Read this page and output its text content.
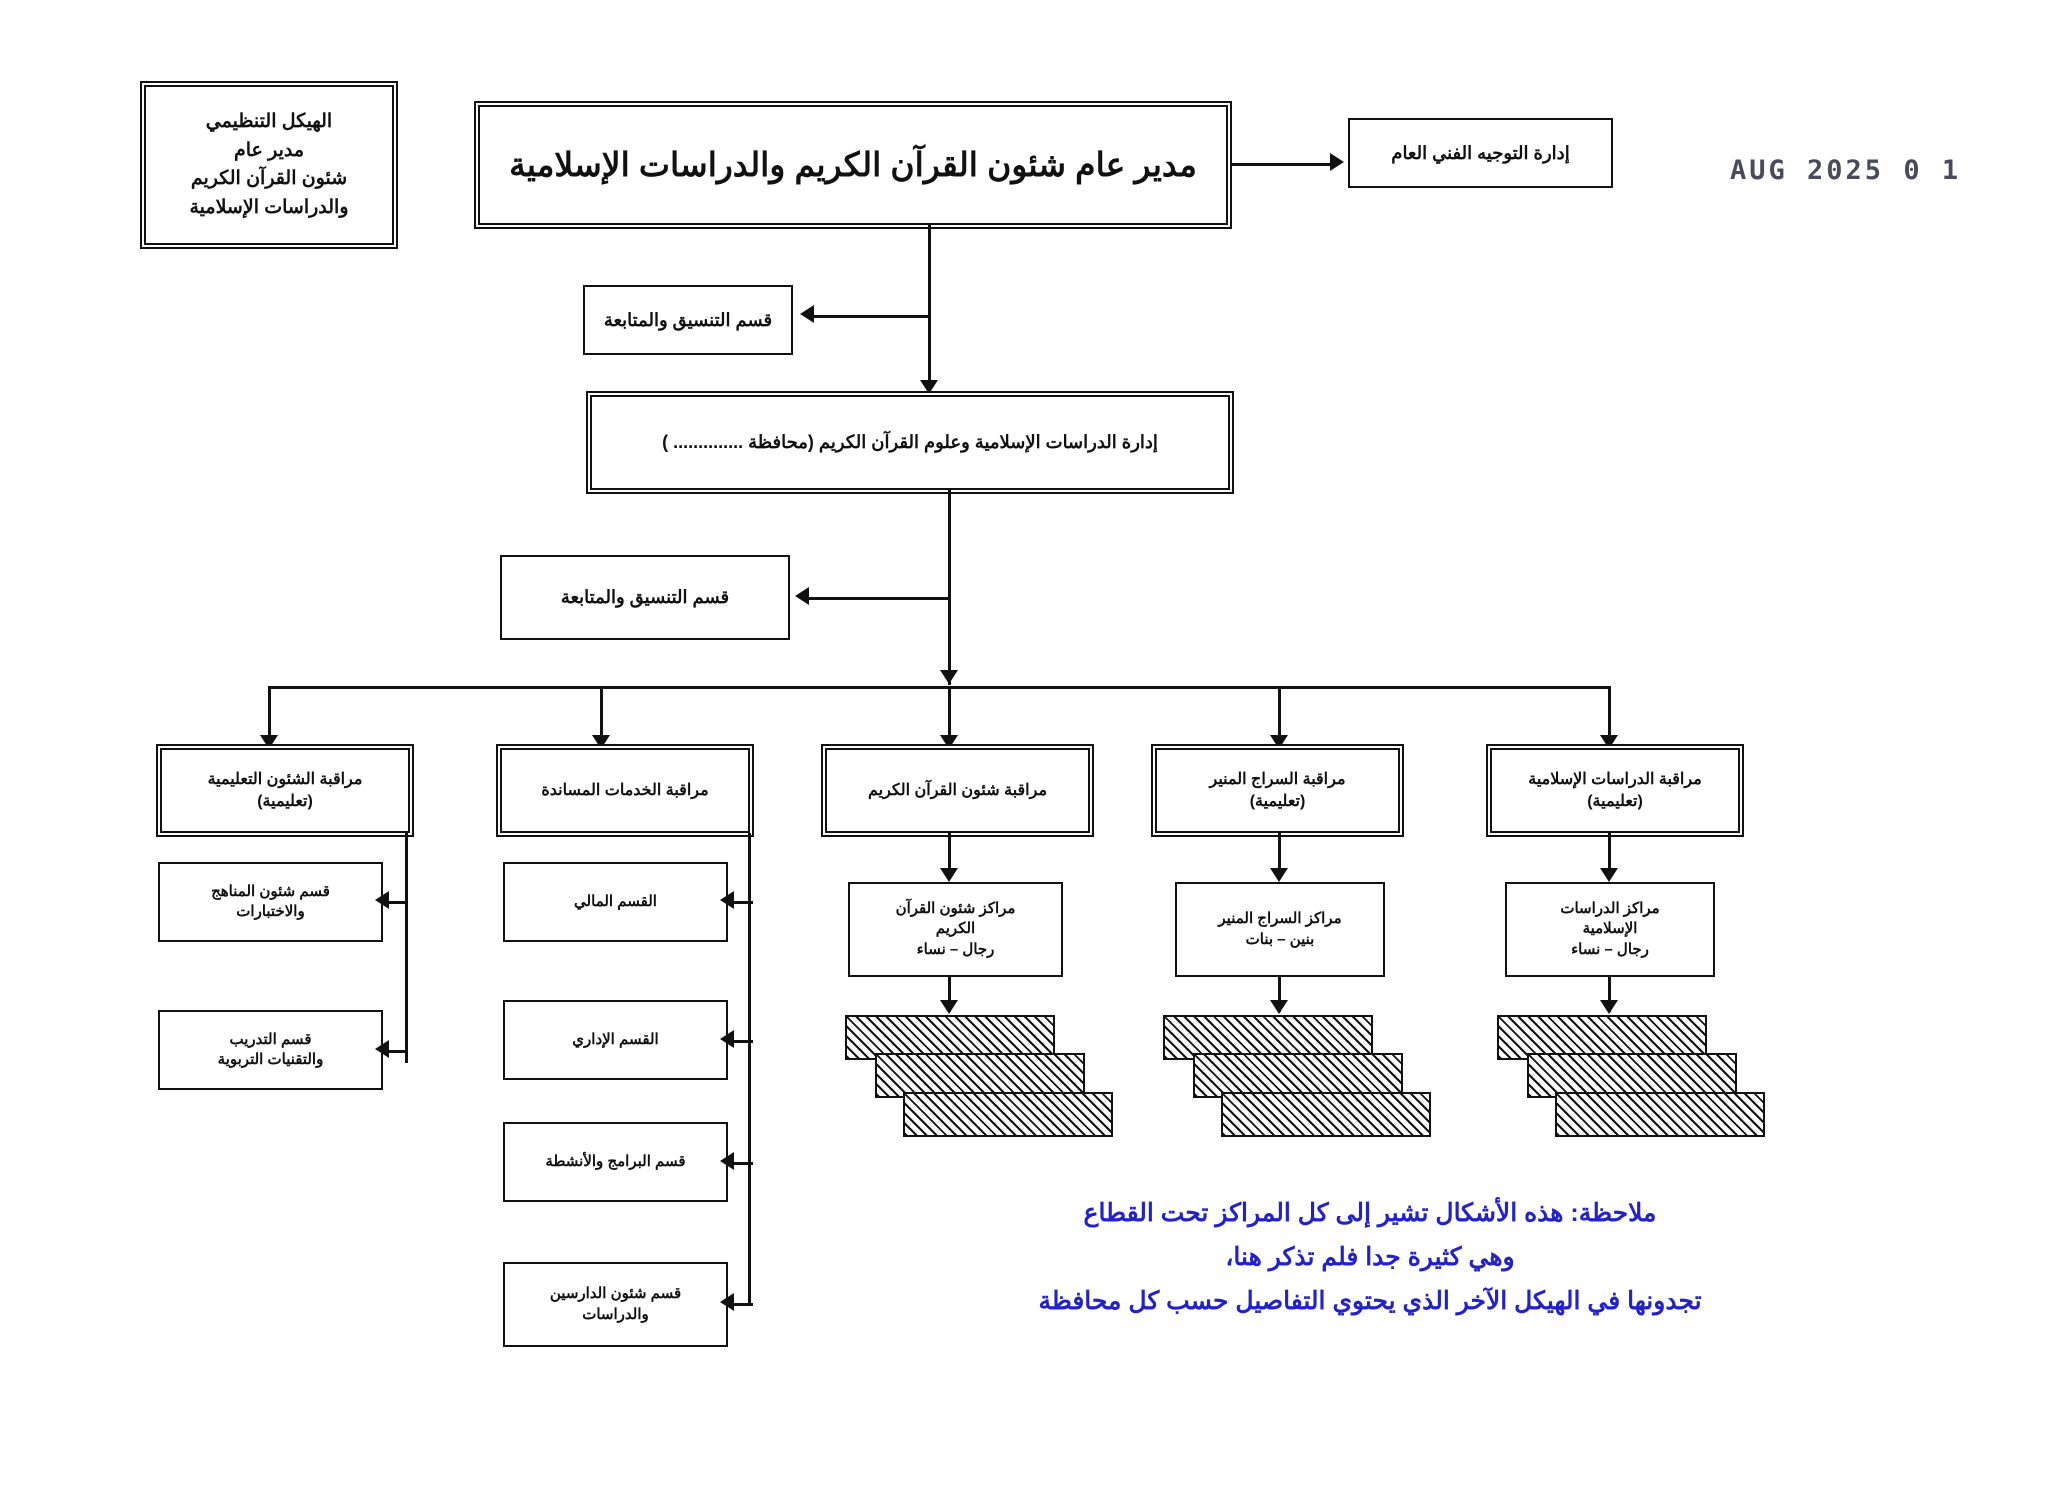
الهيكل التنظيمي
مدير عام
شئون القرآن الكريم
والدراسات الإسلامية
1 0 AUG 2025
مدير عام شئون القرآن الكريم والدراسات الإسلامية	إدارة التوجيه الفني العام
قسم التنسيق والمتابعة
إدارة الدراسات الإسلامية وعلوم القرآن الكريم (محافظة .............. )
قسم التنسيق والمتابعة
مراقبة الشئون التعليمية
(تعليمية)
قسم شئون المناهج
والاختبارات
قسم التدريب
والتقنيات التربوية
مراقبة الخدمات المساندة
القسم المالي
القسم الإداري
قسم البرامج والأنشطة
قسم شئون الدارسين
والدراسات
مراقبة شئون القرآن الكريم
مراكز شئون القرآن
الكريم
رجال – نساء
مراقبة السراج المنير
(تعليمية)
مراكز السراج المنير
بنين – بنات
مراقبة الدراسات الإسلامية
(تعليمية)
مراكز الدراسات
الإسلامية
رجال – نساء
ملاحظة: هذه الأشكال تشير إلى كل المراكز تحت القطاع
وهي كثيرة جدا فلم تذكر هنا،
تجدونها في الهيكل الآخر الذي يحتوي التفاصيل حسب كل محافظة
